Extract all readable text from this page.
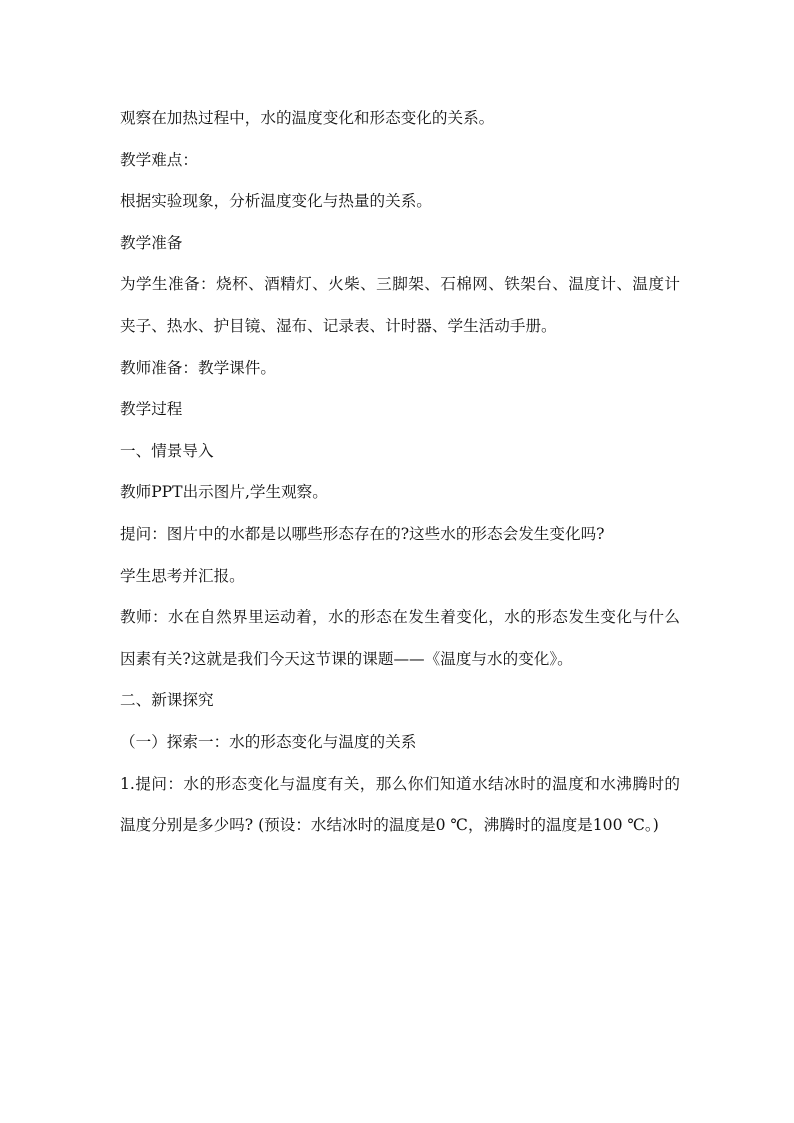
观察在加热过程中，水的温度变化和形态变化的关系。

教学难点：

根据实验现象，分析温度变化与热量的关系。

教学准备

为学生准备：烧杯、酒精灯、火柴、三脚架、石棉网、铁架台、温度计、温度计夹子、热水、护目镜、湿布、记录表、计时器、学生活动手册。

教师准备：教学课件。

教学过程

一、情景导入

教师PPT出示图片,学生观察。

提问：图片中的水都是以哪些形态存在的?这些水的形态会发生变化吗?

学生思考并汇报。

教师：水在自然界里运动着，水的形态在发生着变化，水的形态发生变化与什么因素有关?这就是我们今天这节课的课题——《温度与水的变化》。

二、新课探究

（一）探索一：水的形态变化与温度的关系

1.提问：水的形态变化与温度有关，那么你们知道水结冰时的温度和水沸腾时的温度分别是多少吗? (预设：水结冰时的温度是0 ℃，沸腾时的温度是100 ℃。)
